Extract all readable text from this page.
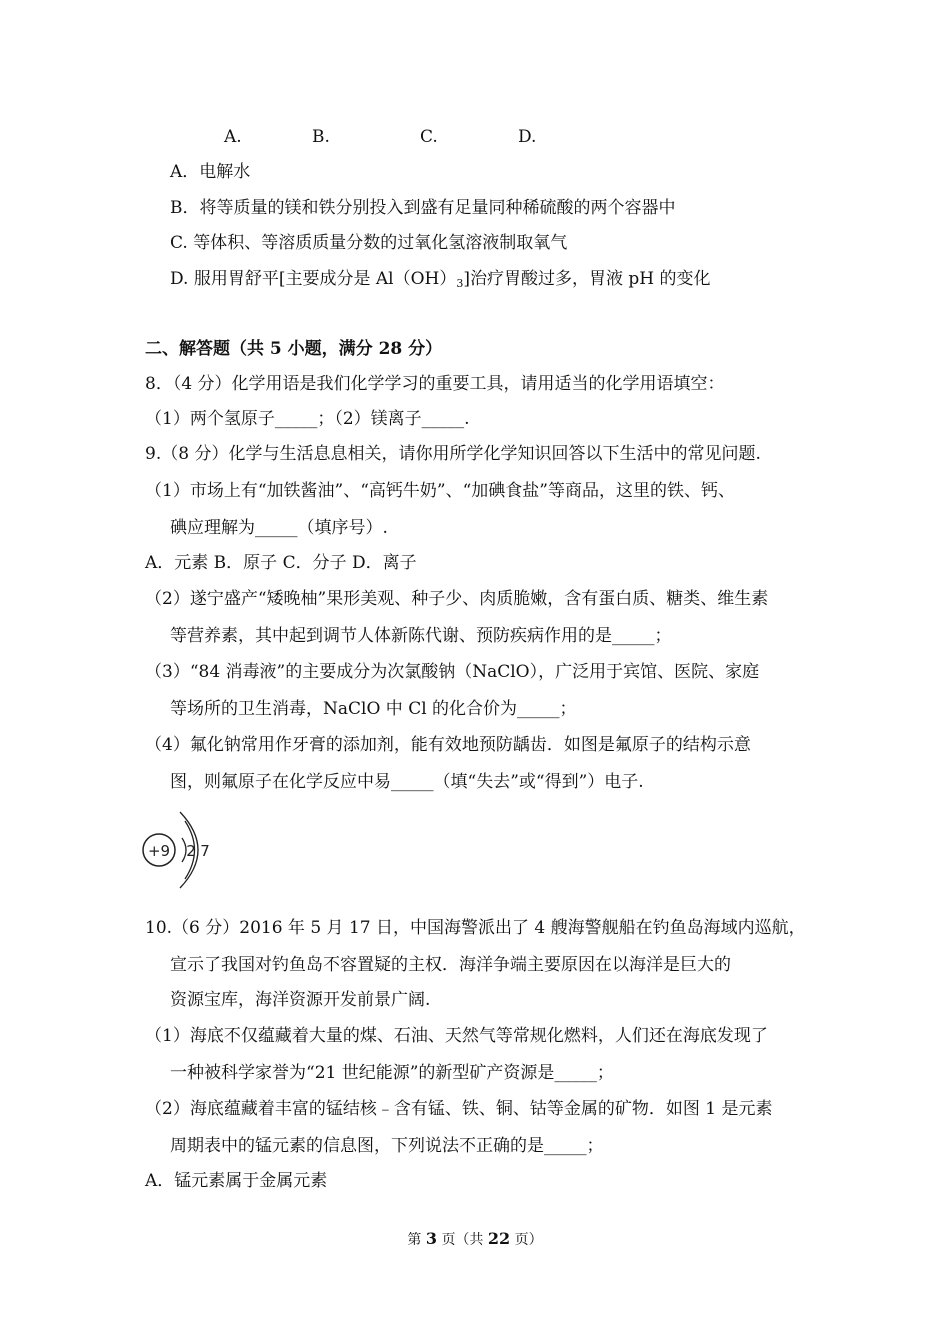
A.	B.	C.	D.
A．电解水
B．将等质量的镁和铁分别投入到盛有足量同种稀硫酸的两个容器中
C. 等体积、等溶质质量分数的过氧化氢溶液制取氧气
D. 服用胃舒平[主要成分是 $Al(OH)_3$]治疗胃酸过多，胃液 pH 的变化
二、解答题（共 5 小题，满分 28 分）
8．（4 分）化学用语是我们化学学习的重要工具，请用适当的化学用语填空：
（1）两个氢原子_____；（2）镁离子_____.
9.（8 分）化学与生活息息相关，请你用所学化学知识回答以下生活中的常见问题.
（1）市场上有“加铁酱油”、“高钙牛奶”、“加碘食盐”等商品，这里的铁、钙、
碘应理解为_____（填序号）.
A．元素 B．原子 C．分子 D．离子
（2）遂宁盛产“矮晚柚”果形美观、种子少、肉质脆嫩，含有蛋白质、糖类、维生素
等营养素，其中起到调节人体新陈代谢、预防疾病作用的是_____；
（3）“84 消毒液”的主要成分为次氯酸钠（NaClO），广泛用于宾馆、医院、家庭
等场所的卫生消毒，NaClO 中 Cl 的化合价为_____；
（4）氟化钠常用作牙膏的添加剂，能有效地预防龋齿．如图是氟原子的结构示意
图，则氟原子在化学反应中易_____（填“失去”或“得到”）电子.
+9 2 7
10.（6 分）2016 年 5 月 17 日，中国海警派出了 4 艘海警舰船在钓鱼岛海域内巡航，
宣示了我国对钓鱼岛不容置疑的主权．海洋争端主要原因在以海洋是巨大的
资源宝库，海洋资源开发前景广阔.
（1）海底不仅蕴藏着大量的煤、石油、天然气等常规化燃料，人们还在海底发现了
一种被科学家誉为“21 世纪能源”的新型矿产资源是_____；
（2）海底蕴藏着丰富的锰结核﹣含有锰、铁、铜、钴等金属的矿物．如图 1 是元素
周期表中的锰元素的信息图，下列说法不正确的是_____；
A．锰元素属于金属元素
第 3 页（共 22 页）
